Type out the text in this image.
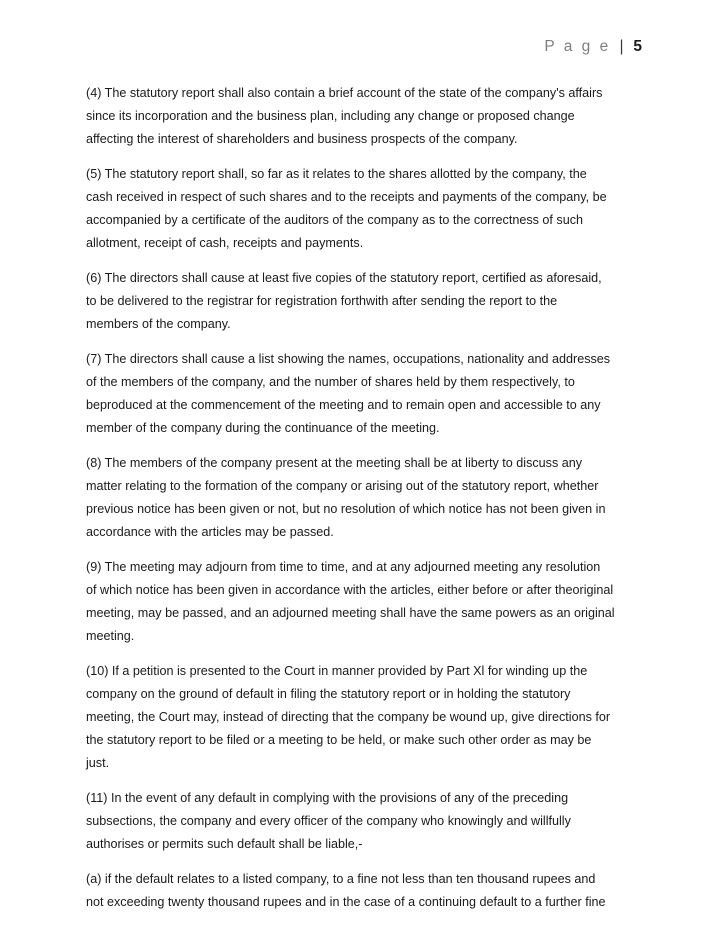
P a g e | 5

(4) The statutory report shall also contain a brief account of the state of the company's affairs
since its incorporation and the business plan, including any change or proposed change
affecting the interest of shareholders and business prospects of the company.

(5) The statutory report shall, so far as it relates to the shares allotted by the company, the
cash received in respect of such shares and to the receipts and payments of the company, be
accompanied by a certificate of the auditors of the company as to the correctness of such
allotment, receipt of cash, receipts and payments.

(6) The directors shall cause at least five copies of the statutory report, certified as aforesaid,
to be delivered to the registrar for registration forthwith after sending the report to the
members of the company.

(7) The directors shall cause a list showing the names, occupations, nationality and addresses
of the members of the company, and the number of shares held by them respectively, to
beproduced at the commencement of the meeting and to remain open and accessible to any
member of the company during the continuance of the meeting.

(8) The members of the company present at the meeting shall be at liberty to discuss any
matter relating to the formation of the company or arising out of the statutory report, whether
previous notice has been given or not, but no resolution of which notice has not been given in
accordance with the articles may be passed.

(9) The meeting may adjourn from time to time, and at any adjourned meeting any resolution
of which notice has been given in accordance with the articles, either before or after theoriginal
meeting, may be passed, and an adjourned meeting shall have the same powers as an original
meeting.

(10) If a petition is presented to the Court in manner provided by Part Xl for winding up the
company on the ground of default in filing the statutory report or in holding the statutory
meeting, the Court may, instead of directing that the company be wound up, give directions for
the statutory report to be filed or a meeting to be held, or make such other order as may be
just.

(11) In the event of any default in complying with the provisions of any of the preceding
subsections, the company and every officer of the company who knowingly and willfully
authorises or permits such default shall be liable,-

(a) if the default relates to a listed company, to a fine not less than ten thousand rupees and
not exceeding twenty thousand rupees and in the case of a continuing default to a further fine
